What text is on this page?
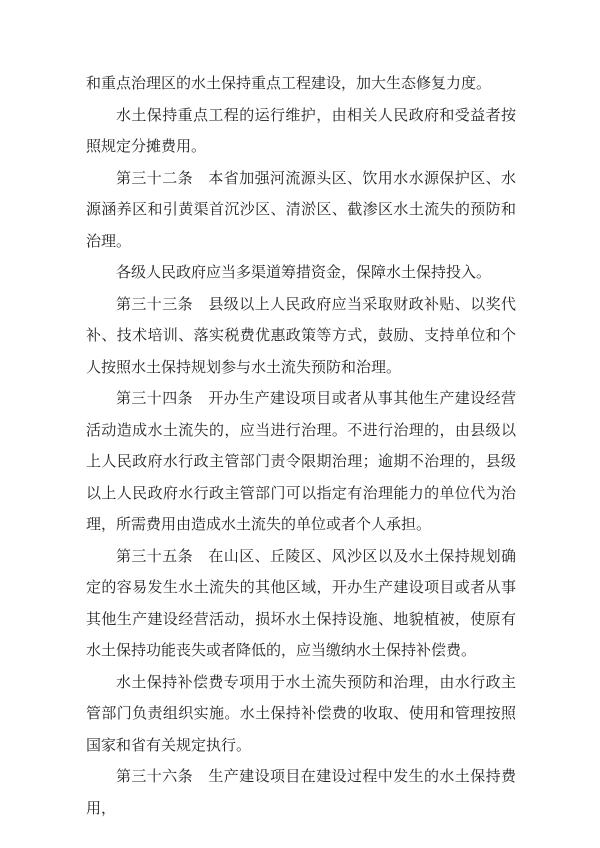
和重点治理区的水土保持重点工程建设，加大生态修复力度。

水土保持重点工程的运行维护，由相关人民政府和受益者按照规定分摊费用。

第三十二条　本省加强河流源头区、饮用水水源保护区、水源涵养区和引黄渠首沉沙区、清淤区、截渗区水土流失的预防和治理。

各级人民政府应当多渠道筹措资金，保障水土保持投入。

第三十三条　县级以上人民政府应当采取财政补贴、以奖代补、技术培训、落实税费优惠政策等方式，鼓励、支持单位和个人按照水土保持规划参与水土流失预防和治理。

第三十四条　开办生产建设项目或者从事其他生产建设经营活动造成水土流失的，应当进行治理。不进行治理的，由县级以上人民政府水行政主管部门责令限期治理；逾期不治理的，县级以上人民政府水行政主管部门可以指定有治理能力的单位代为治理，所需费用由造成水土流失的单位或者个人承担。

第三十五条　在山区、丘陵区、风沙区以及水土保持规划确定的容易发生水土流失的其他区域，开办生产建设项目或者从事其他生产建设经营活动，损坏水土保持设施、地貌植被，使原有水土保持功能丧失或者降低的，应当缴纳水土保持补偿费。

水土保持补偿费专项用于水土流失预防和治理，由水行政主管部门负责组织实施。水土保持补偿费的收取、使用和管理按照国家和省有关规定执行。

第三十六条　生产建设项目在建设过程中发生的水土保持费用，
